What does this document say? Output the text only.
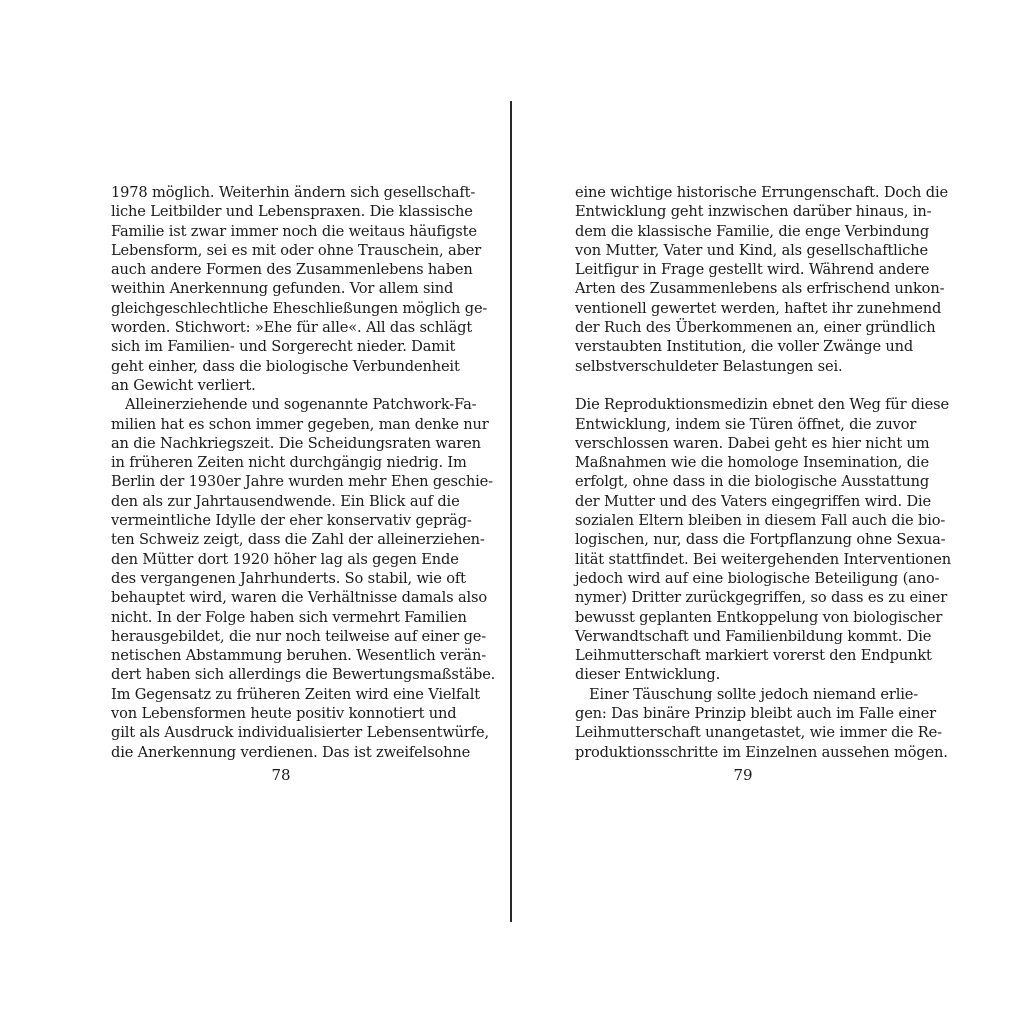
1978 möglich. Weiterhin ändern sich gesellschaft-
liche Leitbilder und Lebenspraxen. Die klassische
Familie ist zwar immer noch die weitaus häufigste
Lebensform, sei es mit oder ohne Trauschein, aber
auch andere Formen des Zusammenlebens haben
weithin Anerkennung gefunden. Vor allem sind
gleichgeschlechtliche Eheschließungen möglich ge-
worden. Stichwort: »Ehe für alle«. All das schlägt
sich im Familien- und Sorgerecht nieder. Damit
geht einher, dass die biologische Verbundenheit
an Gewicht verliert.
Alleinerziehende und sogenannte Patchwork-Fa-
milien hat es schon immer gegeben, man denke nur
an die Nachkriegszeit. Die Scheidungsraten waren
in früheren Zeiten nicht durchgängig niedrig. Im
Berlin der 1930er Jahre wurden mehr Ehen geschie-
den als zur Jahrtausendwende. Ein Blick auf die
vermeintliche Idylle der eher konservativ gepräg-
ten Schweiz zeigt, dass die Zahl der alleinerziehen-
den Mütter dort 1920 höher lag als gegen Ende
des vergangenen Jahrhunderts. So stabil, wie oft
behauptet wird, waren die Verhältnisse damals also
nicht. In der Folge haben sich vermehrt Familien
herausgebildet, die nur noch teilweise auf einer ge-
netischen Abstammung beruhen. Wesentlich verän-
dert haben sich allerdings die Bewertungsmaßstäbe.
Im Gegensatz zu früheren Zeiten wird eine Vielfalt
von Lebensformen heute positiv konnotiert und
gilt als Ausdruck individualisierter Lebensentwürfe,
die Anerkennung verdienen. Das ist zweifelsohne
78
eine wichtige historische Errungenschaft. Doch die
Entwicklung geht inzwischen darüber hinaus, in-
dem die klassische Familie, die enge Verbindung
von Mutter, Vater und Kind, als gesellschaftliche
Leitfigur in Frage gestellt wird. Während andere
Arten des Zusammenlebens als erfrischend unkon-
ventionell gewertet werden, haftet ihr zunehmend
der Ruch des Überkommenen an, einer gründlich
verstaubten Institution, die voller Zwänge und
selbstverschuldeter Belastungen sei.
Die Reproduktionsmedizin ebnet den Weg für diese
Entwicklung, indem sie Türen öffnet, die zuvor
verschlossen waren. Dabei geht es hier nicht um
Maßnahmen wie die homologe Insemination, die
erfolgt, ohne dass in die biologische Ausstattung
der Mutter und des Vaters eingegriffen wird. Die
sozialen Eltern bleiben in diesem Fall auch die bio-
logischen, nur, dass die Fortpflanzung ohne Sexua-
lität stattfindet. Bei weitergehenden Interventionen
jedoch wird auf eine biologische Beteiligung (ano-
nymer) Dritter zurückgegriffen, so dass es zu einer
bewusst geplanten Entkoppelung von biologischer
Verwandtschaft und Familienbildung kommt. Die
Leihmutterschaft markiert vorerst den Endpunkt
dieser Entwicklung.
Einer Täuschung sollte jedoch niemand erlie-
gen: Das binäre Prinzip bleibt auch im Falle einer
Leihmutterschaft unangetastet, wie immer die Re-
produktionsschritte im Einzelnen aussehen mögen.
79
